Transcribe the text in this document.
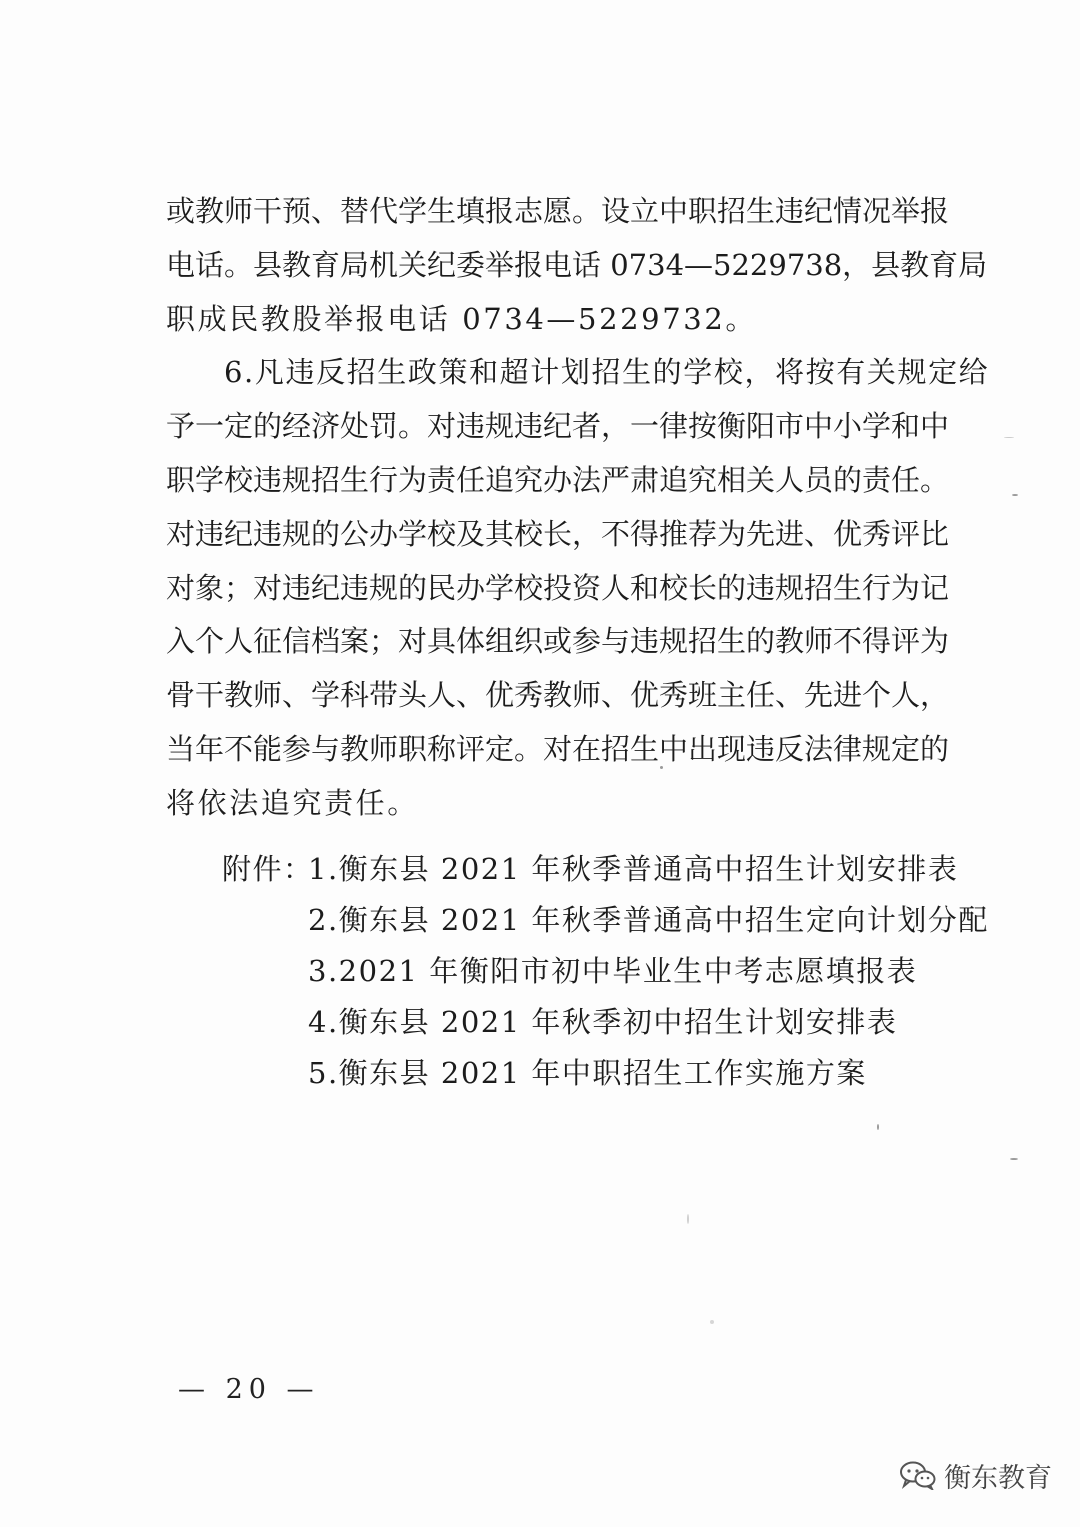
或教师干预、替代学生填报志愿。设立中职招生违纪情况举报
电话。县教育局机关纪委举报电话 0734—5229738，县教育局
职成民教股举报电话 0734—5229732。
6.凡违反招生政策和超计划招生的学校，将按有关规定给
予一定的经济处罚。对违规违纪者，一律按衡阳市中小学和中
职学校违规招生行为责任追究办法严肃追究相关人员的责任。
对违纪违规的公办学校及其校长，不得推荐为先进、优秀评比
对象；对违纪违规的民办学校投资人和校长的违规招生行为记
入个人征信档案；对具体组织或参与违规招生的教师不得评为
骨干教师、学科带头人、优秀教师、优秀班主任、先进个人，
当年不能参与教师职称评定。对在招生中出现违反法律规定的
将依法追究责任。
附件：1.衡东县 2021 年秋季普通高中招生计划安排表
2.衡东县 2021 年秋季普通高中招生定向计划分配
3.2021 年衡阳市初中毕业生中考志愿填报表
4.衡东县 2021 年秋季初中招生计划安排表
5.衡东县 2021 年中职招生工作实施方案
— 20 —
衡东教育
